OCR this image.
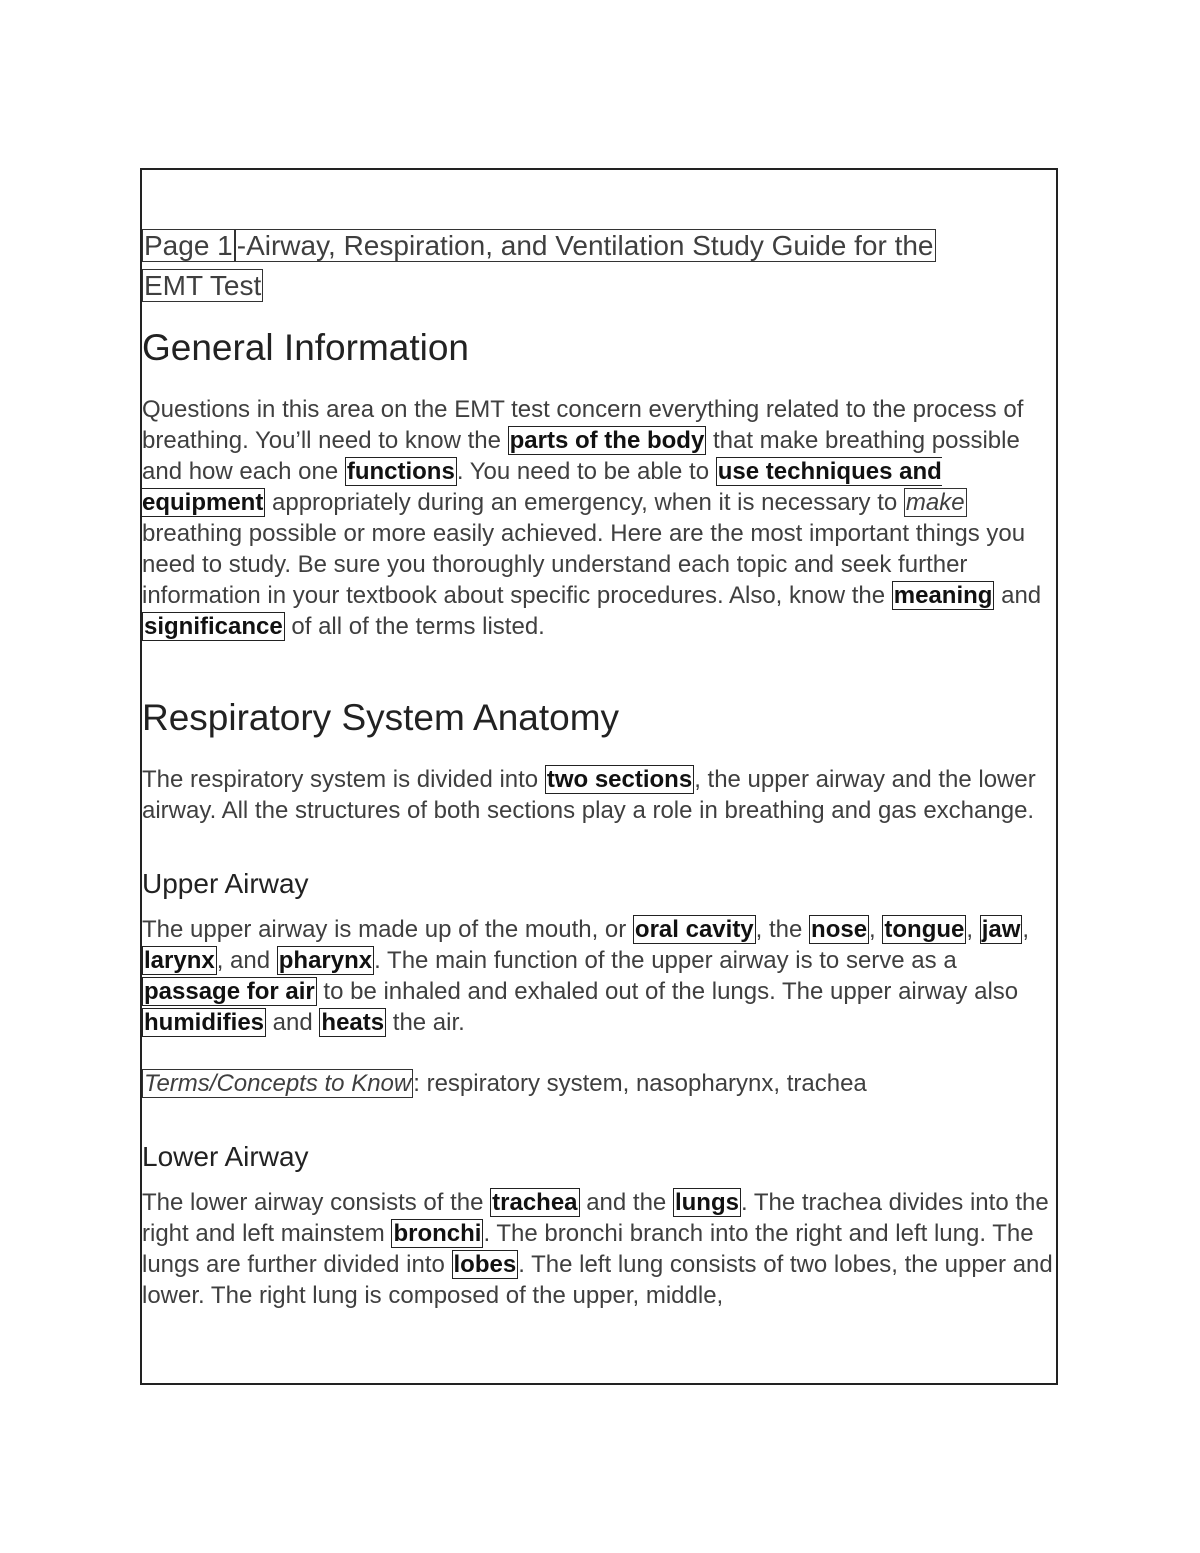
Page 1 -Airway, Respiration, and Ventilation Study Guide for the
EMT Test
General Information

Questions in this area on the EMT test concern everything related to the process of breathing. You’ll need to know the parts of the body that make breathing possible and how each one functions. You need to be able to use techniques and equipment appropriately during an emergency, when it is necessary to make breathing possible or more easily achieved. Here are the most important things you need to study. Be sure you thoroughly understand each topic and seek further information in your textbook about specific procedures. Also, know the meaning and significance of all of the terms listed.

Respiratory System Anatomy

The respiratory system is divided into two sections, the upper airway and the lower airway. All the structures of both sections play a role in breathing and gas exchange.

Upper Airway

The upper airway is made up of the mouth, or oral cavity, the nose, tongue, jaw, larynx, and pharynx. The main function of the upper airway is to serve as a passage for air to be inhaled and exhaled out of the lungs. The upper airway also humidifies and heats the air.

Terms/Concepts to Know: respiratory system, nasopharynx, trachea

Lower Airway

The lower airway consists of the trachea and the lungs. The trachea divides into the right and left mainstem bronchi. The bronchi branch into the right and left lung. The lungs are further divided into lobes. The left lung consists of two lobes, the upper and lower. The right lung is composed of the upper, middle,
